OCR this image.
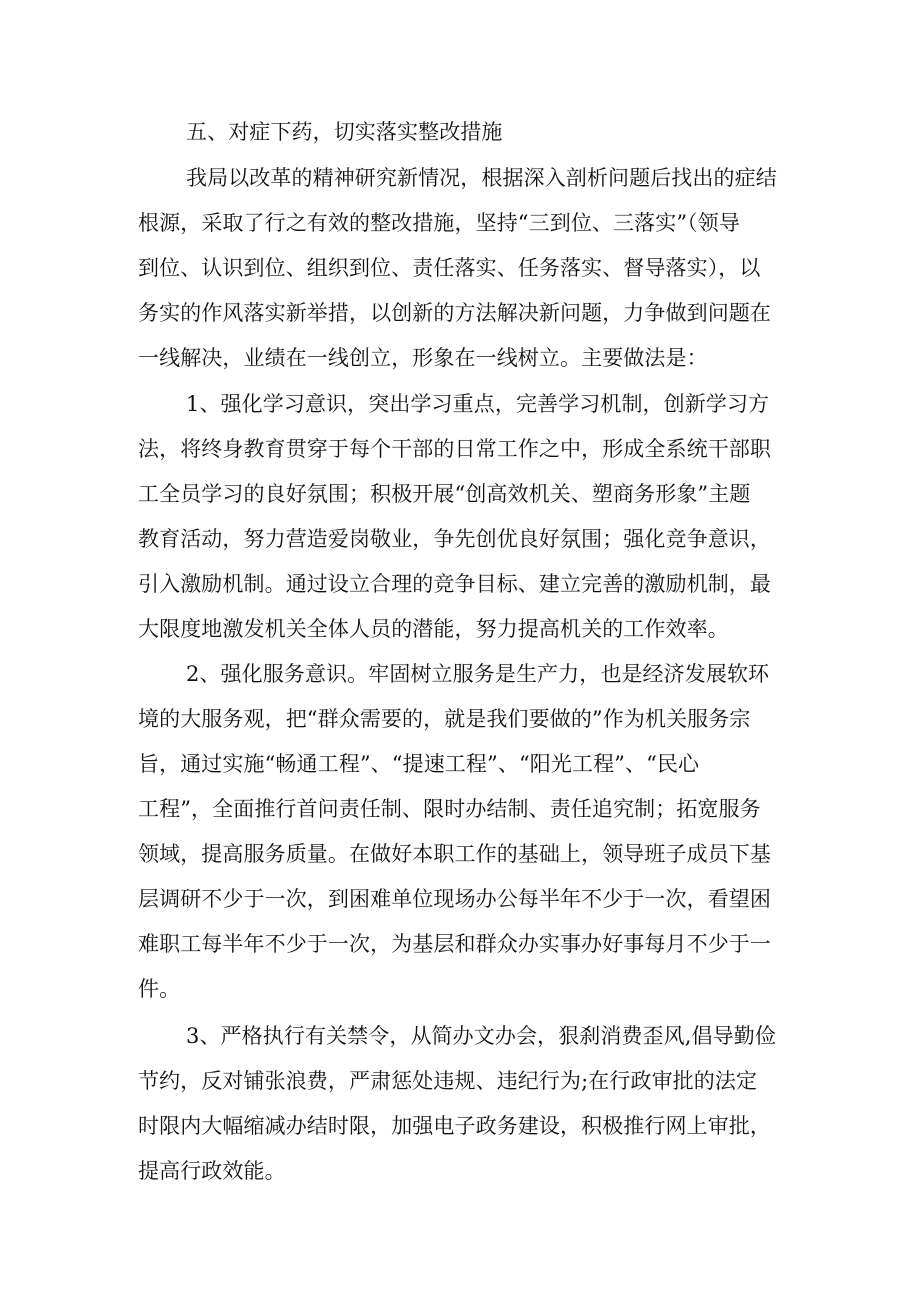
五、对症下药，切实落实整改措施
我局以改革的精神研究新情况，根据深入剖析问题后找出的症结
根源，采取了行之有效的整改措施，坚持“三到位、三落实”（领导
到位、认识到位、组织到位、责任落实、任务落实、督导落实），以
务实的作风落实新举措，以创新的方法解决新问题，力争做到问题在
一线解决，业绩在一线创立，形象在一线树立。主要做法是：
1、强化学习意识，突出学习重点，完善学习机制，创新学习方
法，将终身教育贯穿于每个干部的日常工作之中，形成全系统干部职
工全员学习的良好氛围；积极开展“创高效机关、塑商务形象”主题
教育活动，努力营造爱岗敬业，争先创优良好氛围；强化竞争意识，
引入激励机制。通过设立合理的竞争目标、建立完善的激励机制，最
大限度地激发机关全体人员的潜能，努力提高机关的工作效率。
2、强化服务意识。牢固树立服务是生产力，也是经济发展软环
境的大服务观，把“群众需要的，就是我们要做的”作为机关服务宗
旨，通过实施“畅通工程”、“提速工程”、“阳光工程”、“民心
工程”，全面推行首问责任制、限时办结制、责任追究制；拓宽服务
领域，提高服务质量。在做好本职工作的基础上，领导班子成员下基
层调研不少于一次，到困难单位现场办公每半年不少于一次，看望困
难职工每半年不少于一次，为基层和群众办实事办好事每月不少于一
件。
3、严格执行有关禁令，从简办文办会，狠刹消费歪风,倡导勤俭
节约，反对铺张浪费，严肃惩处违规、违纪行为;在行政审批的法定
时限内大幅缩减办结时限，加强电子政务建设，积极推行网上审批，
提高行政效能。
